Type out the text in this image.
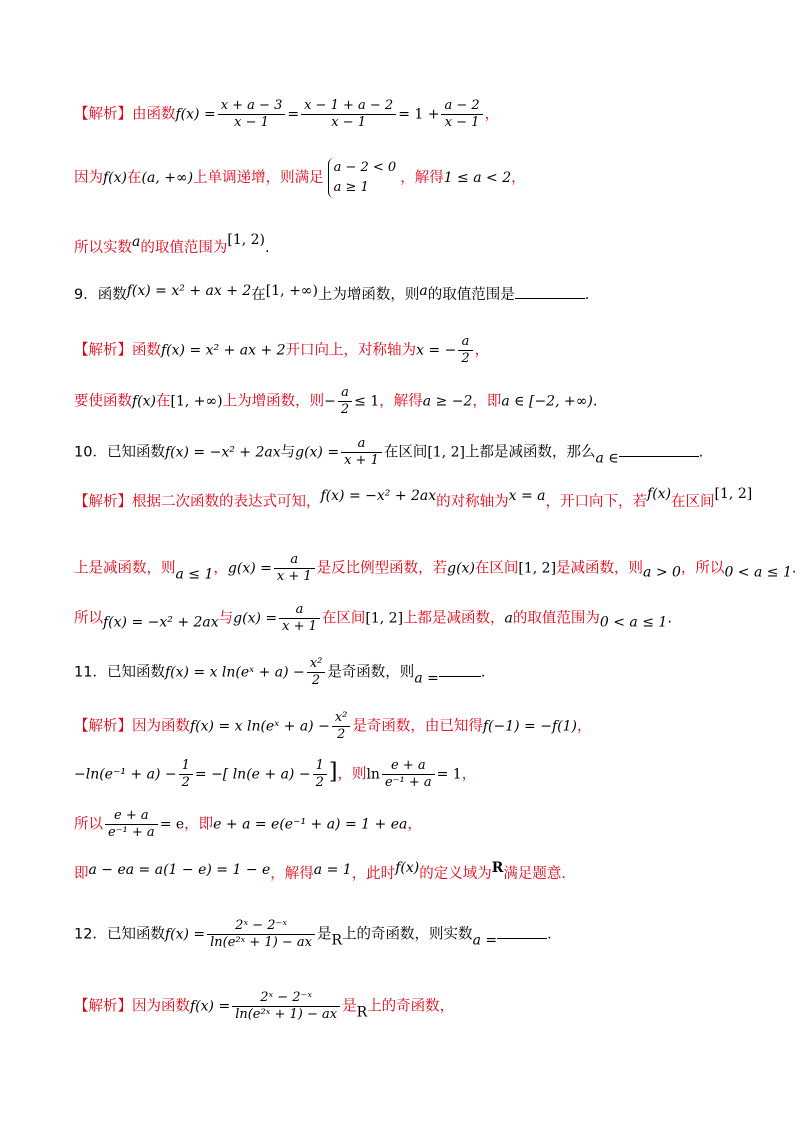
【解析】由函数$f(x) = \frac{x + a - 3}{x - 1} = \frac{x - 1 + a - 2}{x - 1} = 1 + \frac{a - 2}{x - 1}$ ，
因为f(x)在(a, +∞)上单调递增，则满足
a − 2 < 0
a ≥ 1
，解得1 ≤ a < 2，
所以实数a的取值范围为[1, 2).
9．函数f(x) = x² + ax + 2在[1, +∞)上为增函数，则a的取值范围是	.
【解析】函数f(x) = x² + ax + 2开口向上，对称轴为x = − $\frac{a}{2}$ ，
要使函数f(x)在[1, +∞)上为增函数，则− $\frac{a}{2} \le 1$，解得a ≥ −2，即a ∈ [−2, +∞).
10．已知函数f(x) = −x² + 2ax与$g(x) = \frac{a}{x + 1}$ 在区间[1, 2]上都是减函数，那么a ∈	.
【解析】根据二次函数的表达式可知，f(x) = −x² + 2ax的对称轴为x = a，开口向下，若f(x)在区间[1, 2]
上是减函数，则a ≤ 1，$g(x) = \frac{a}{x + 1}$ 是反比例型函数，若g(x)在区间[1, 2]是减函数，则a > 0，所以0 < a ≤ 1.
所以f(x) = −x² + 2ax与$g(x) = \frac{a}{x + 1}$ 在区间[1, 2]上都是减函数，a的取值范围为0 < a ≤ 1.
11．已知函数f(x) = x ln(eˣ + $a) - \frac{\text{x²}}{2}$ 是奇函数，则a =	.
【解析】因为函数f(x) = x ln(eˣ + $a) - \frac{\text{x²}}{2}$ 是奇函数，由已知得f(−1) = −f(1)，
$-\ln(e^{-1} + a) - \frac{1}{2}$ = −[ $\ln(e + a) - \frac{1}{2}$ ]，则$\ln \frac{e + a}{\text{e⁻¹ + a}} = 1$，
所以 $\frac{e + a}{\text{e⁻¹ + a}} = e$，即e + a = e(e⁻¹ + a) = 1 + ea，
即a − ea = a(1 − e) = 1 − e，解得a = 1，此时f(x)的定义域为R满足题意.
12．已知函数$f(x) = \frac{\text{2ˣ − 2⁻ˣ}}{\text{ln(e²ˣ + 1) − ax}}$ 是R上的奇函数，则实数a =	.
【解析】因为函数$f(x) = \frac{\text{2ˣ − 2⁻ˣ}}{\text{ln(e²ˣ + 1) − ax}}$ 是R上的奇函数，
